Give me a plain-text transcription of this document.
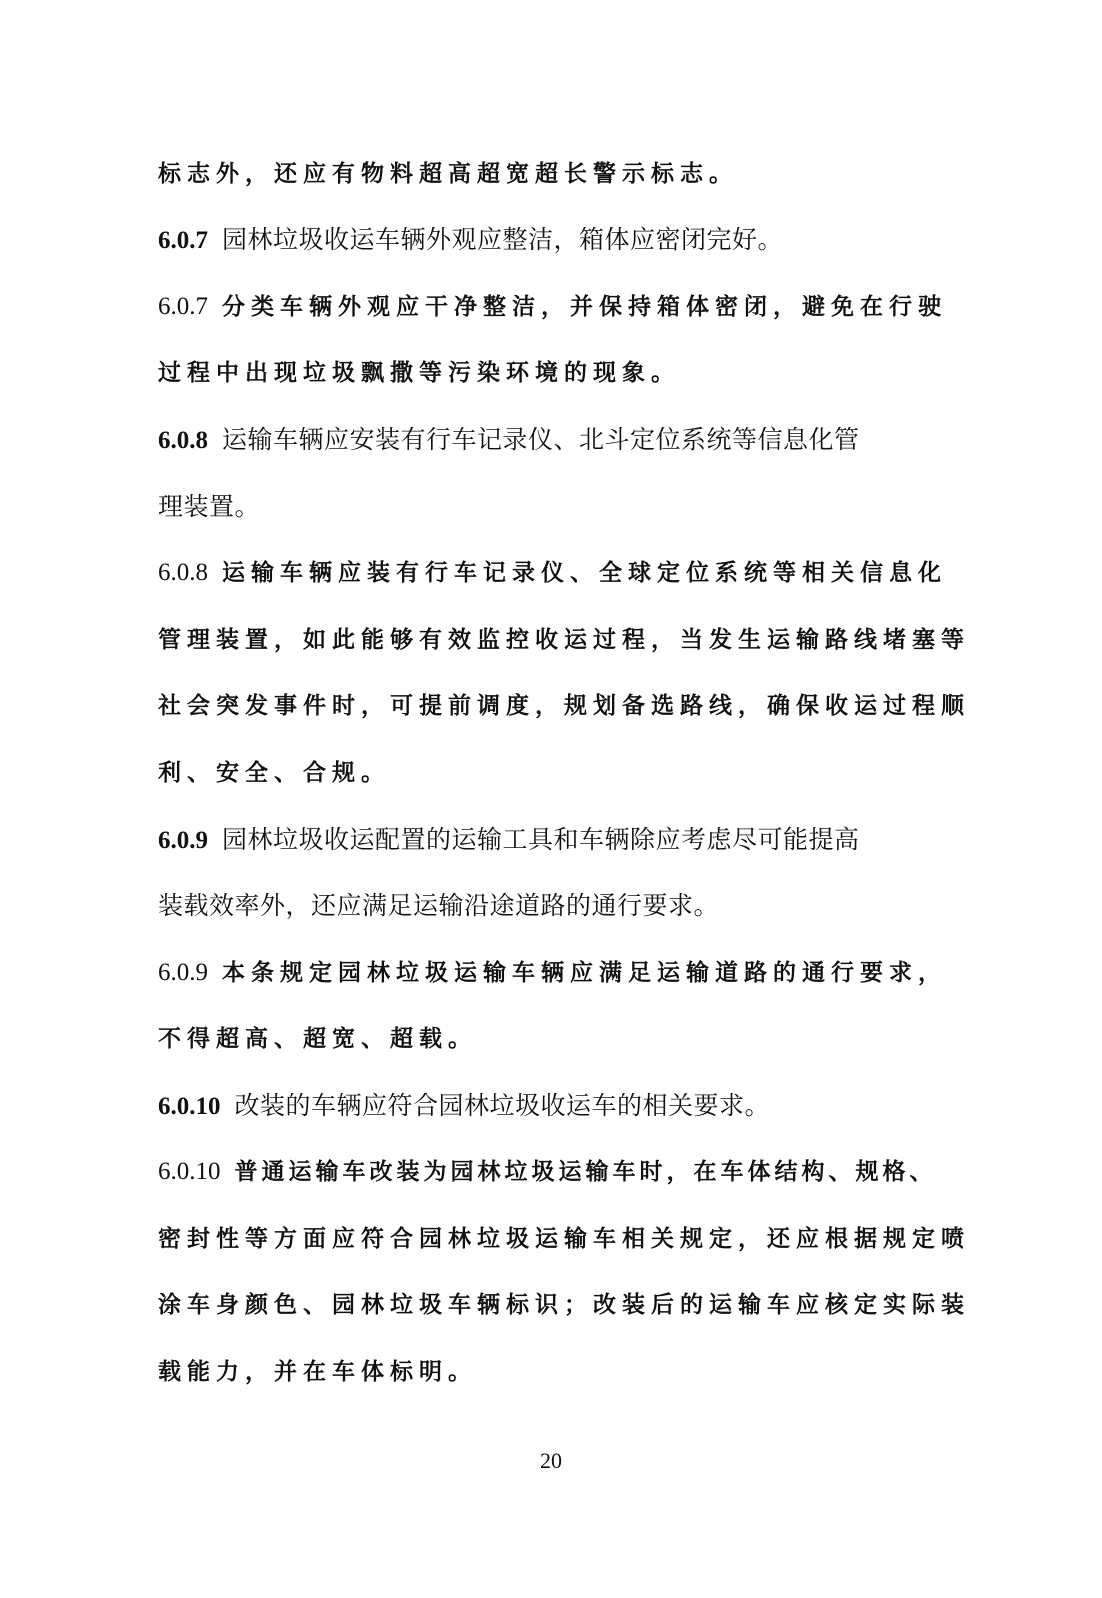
标志外，还应有物料超高超宽超长警示标志。
6.0.7 园林垃圾收运车辆外观应整洁，箱体应密闭完好。
6.0.7 分类车辆外观应干净整洁，并保持箱体密闭，避免在行驶
过程中出现垃圾飘撒等污染环境的现象。
6.0.8 运输车辆应安装有行车记录仪、北斗定位系统等信息化管
理装置。
6.0.8 运输车辆应装有行车记录仪、全球定位系统等相关信息化
管理装置，如此能够有效监控收运过程，当发生运输路线堵塞等
社会突发事件时，可提前调度，规划备选路线，确保收运过程顺
利、安全、合规。
6.0.9 园林垃圾收运配置的运输工具和车辆除应考虑尽可能提高
装载效率外，还应满足运输沿途道路的通行要求。
6.0.9 本条规定园林垃圾运输车辆应满足运输道路的通行要求，
不得超高、超宽、超载。
6.0.10 改装的车辆应符合园林垃圾收运车的相关要求。
6.0.10 普通运输车改装为园林垃圾运输车时，在车体结构、规格、
密封性等方面应符合园林垃圾运输车相关规定，还应根据规定喷
涂车身颜色、园林垃圾车辆标识；改装后的运输车应核定实际装
载能力，并在车体标明。
20
